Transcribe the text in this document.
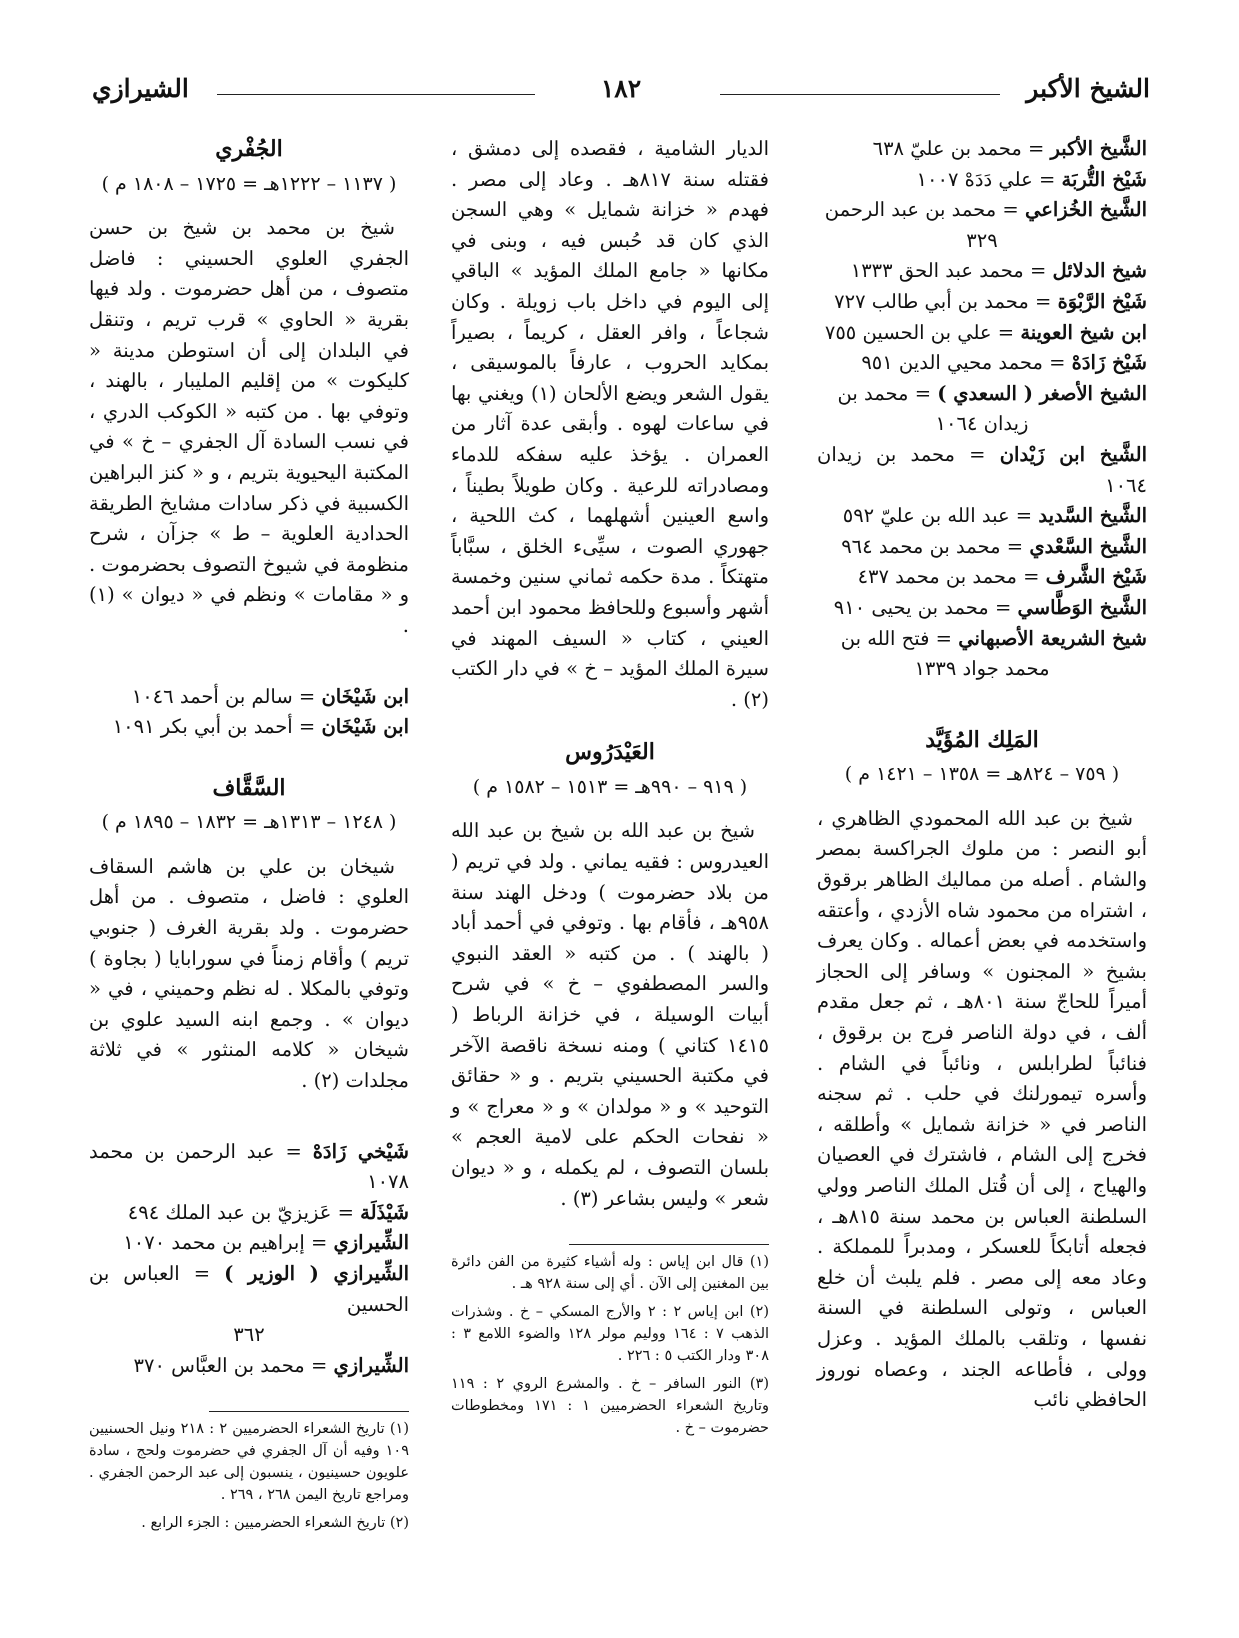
الشيخ الأكبر
١٨٢
الشيرازي

الشَّيخ الأكبر = محمد بن عليّ ٦٣٨

شَيْخ التُّربَة = علي دَدَهْ ١٠٠٧

الشَّيخ الخُزاعي = محمد بن عبد الرحمن
٣٢٩

شيخ الدلائل = محمد عبد الحق ١٣٣٣

شَيْخ الرَّبْوَة = محمد بن أبي طالب ٧٢٧

ابن شيخ العوينة = علي بن الحسين ٧٥٥

شَيْخ زَادَهْ = محمد محيي الدين ٩٥١

الشيخ الأصغر ( السعدي ) = محمد بن
زيدان ١٠٦٤

الشَّيخ ابن زَيْدان = محمد بن زيدان ١٠٦٤

الشَّيخ السَّديد = عبد الله بن عليّ ٥٩٢

الشَّيخ السَّعْدي = محمد بن محمد ٩٦٤

شَيْخ الشَّرف = محمد بن محمد ٤٣٧

الشَّيخ الوَطَّاسي = محمد بن يحيى ٩١٠

شيخ الشريعة الأصبهاني = فتح الله بن
محمد جواد ١٣٣٩

المَلِك المُؤَيَّد
( ٧٥٩ – ٨٢٤هـ = ١٣٥٨ – ١٤٢١ م )

شيخ بن عبد الله المحمودي الظاهري ، أبو النصر : من ملوك الجراكسة بمصر والشام . أصله من مماليك الظاهر برقوق ، اشتراه من محمود شاه الأزدي ، وأعتقه واستخدمه في بعض أعماله . وكان يعرف بشيخ « المجنون » وسافر إلى الحجاز أميراً للحاجّ سنة ٨٠١هـ ، ثم جعل مقدم ألف ، في دولة الناصر فرج بن برقوق ، فنائباً لطرابلس ، ونائباً في الشام . وأسره تيمورلنك في حلب . ثم سجنه الناصر في « خزانة شمايل » وأطلقه ، فخرج إلى الشام ، فاشترك في العصيان والهياج ، إلى أن قُتل الملك الناصر وولي السلطنة العباس بن محمد سنة ٨١٥هـ ، فجعله أتابكاً للعسكر ، ومدبراً للمملكة . وعاد معه إلى مصر . فلم يلبث أن خلع العباس ، وتولى السلطنة في السنة نفسها ، وتلقب بالملك المؤيد . وعزل وولى ، فأطاعه الجند ، وعصاه نوروز الحافظي نائب

الديار الشامية ، فقصده إلى دمشق ، فقتله سنة ٨١٧هـ . وعاد إلى مصر . فهدم « خزانة شمايل » وهي السجن الذي كان قد حُبس فيه ، وبنى في مكانها « جامع الملك المؤيد » الباقي إلى اليوم في داخل باب زويلة . وكان شجاعاً ، وافر العقل ، كريماً ، بصيراً بمكايد الحروب ، عارفاً بالموسيقى ، يقول الشعر ويضع الألحان (١) ويغني بها في ساعات لهوه . وأبقى عدة آثار من العمران . يؤخذ عليه سفكه للدماء ومصادراته للرعية . وكان طويلاً بطيناً ، واسع العينين أشهلهما ، كث اللحية ، جهوري الصوت ، سيِّىء الخلق ، سبَّاباً متهتكاً . مدة حكمه ثماني سنين وخمسة أشهر وأسبوع وللحافظ محمود ابن أحمد العيني ، كتاب « السيف المهند في سيرة الملك المؤيد – خ » في دار الكتب (٢) .

العَيْدَرُوس
( ٩١٩ – ٩٩٠هـ = ١٥١٣ – ١٥٨٢ م )

شيخ بن عبد الله بن شيخ بن عبد الله العيدروس : فقيه يماني . ولد في تريم ( من بلاد حضرموت ) ودخل الهند سنة ٩٥٨هـ ، فأقام بها . وتوفي في أحمد أباد ( بالهند ) . من كتبه « العقد النبوي والسر المصطفوي – خ » في شرح أبيات الوسيلة ، في خزانة الرباط ( ١٤١٥ كتاني ) ومنه نسخة ناقصة الآخر في مكتبة الحسيني بتريم . و « حقائق التوحيد » و « مولدان » و « معراج » و « نفحات الحكم على لامية العجم » بلسان التصوف ، لم يكمله ، و « ديوان شعر » وليس بشاعر (٣) .

(١) قال ابن إياس : وله أشياء كثيرة من الفن دائرة بين المغنين إلى الآن . أي إلى سنة ٩٢٨ هـ .

(٢) ابن إياس ٢ : ٢ والأرج المسكي – خ . وشذرات الذهب ٧ : ١٦٤ ووليم مولر ١٢٨ والضوء اللامع ٣ : ٣٠٨ ودار الكتب ٥ : ٢٢٦ .

(٣) النور السافر – خ . والمشرع الروي ٢ : ١١٩ وتاريخ الشعراء الحضرميين ١ : ١٧١ ومخطوطات حضرموت – خ .

الجُفْري
( ١١٣٧ – ١٢٢٢هـ = ١٧٢٥ – ١٨٠٨ م )

شيخ بن محمد بن شيخ بن حسن الجفري العلوي الحسيني : فاضل متصوف ، من أهل حضرموت . ولد فيها بقرية « الحاوي » قرب تريم ، وتنقل في البلدان إلى أن استوطن مدينة « كليكوت » من إقليم المليبار ، بالهند ، وتوفي بها . من كتبه « الكوكب الدري ، في نسب السادة آل الجفري – خ » في المكتبة اليحيوية بتريم ، و « كنز البراهين الكسبية في ذكر سادات مشايخ الطريقة الحدادية العلوية – ط » جزآن ، شرح منظومة في شيوخ التصوف بحضرموت . و « مقامات » ونظم في « ديوان » (١) .

ابن شَيْخَان = سالم بن أحمد ١٠٤٦

ابن شَيْخَان = أحمد بن أبي بكر ١٠٩١

السَّقَّاف
( ١٢٤٨ – ١٣١٣هـ = ١٨٣٢ – ١٨٩٥ م )

شيخان بن علي بن هاشم السقاف العلوي : فاضل ، متصوف . من أهل حضرموت . ولد بقرية الغرف ( جنوبي تريم ) وأقام زمناً في سورابايا ( بجاوة ) وتوفي بالمكلا . له نظم وحميني ، في « ديوان » . وجمع ابنه السيد علوي بن شيخان « كلامه المنثور » في ثلاثة مجلدات (٢) .

شَيْخي زَادَهْ = عبد الرحمن بن محمد ١٠٧٨

شَيْذَلَة = عَزيزيّ بن عبد الملك ٤٩٤

الشِّيرازي = إبراهيم بن محمد ١٠٧٠

الشِّيرازي ( الوزير ) = العباس بن الحسين
٣٦٢

الشِّيرازي = محمد بن العبَّاس ٣٧٠

(١) تاريخ الشعراء الحضرميين ٢ : ٢١٨ ونيل الحسنيين ١٠٩ وفيه أن آل الجفري في حضرموت ولحج ، سادة علويون حسينيون ، ينسبون إلى عبد الرحمن الجفري . ومراجع تاريخ اليمن ٢٦٨ ، ٢٦٩ .

(٢) تاريخ الشعراء الحضرميين : الجزء الرابع .
